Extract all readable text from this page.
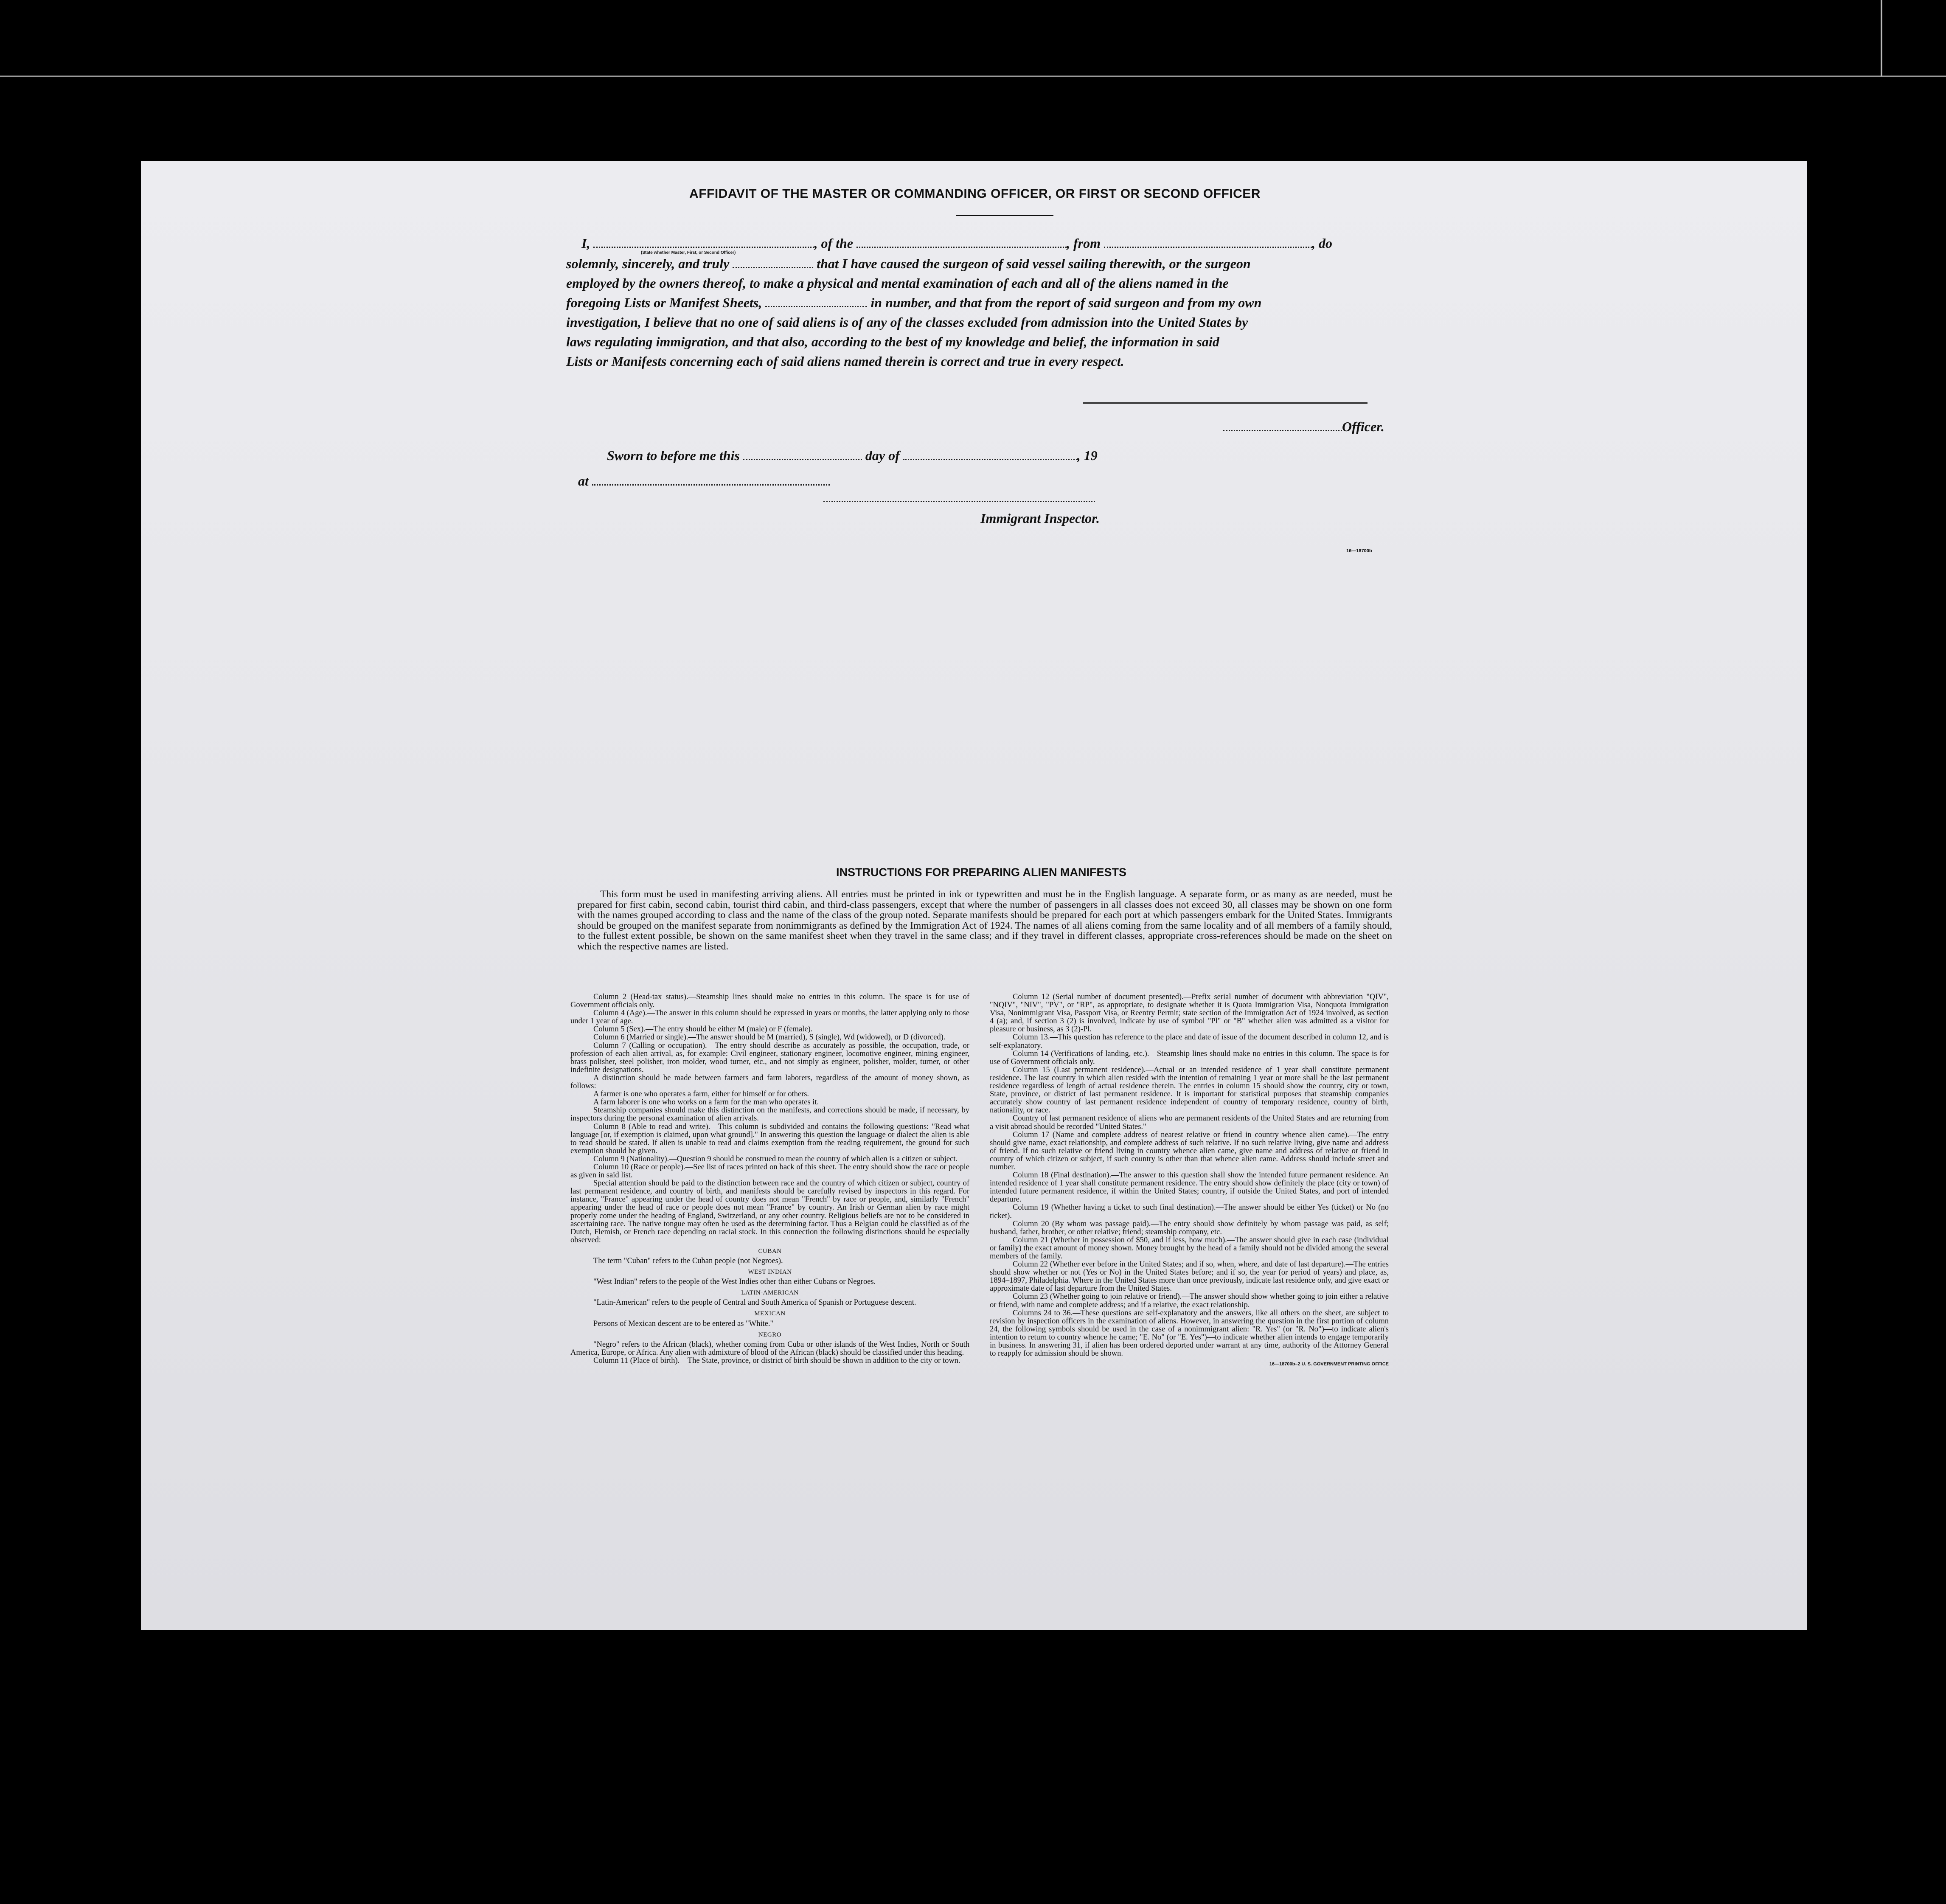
AFFIDAVIT OF THE MASTER OR COMMANDING OFFICER, OR FIRST OR SECOND OFFICER
I,	, of the	, from	, do
(State whether Master, First, or Second Officer)
solemnly, sincerely, and truly	that I have caused the surgeon of said vessel sailing therewith, or the surgeon
employed by the owners thereof, to make a physical and mental examination of each and all of the aliens named in the
foregoing Lists or Manifest Sheets,	in number, and that from the report of said surgeon and from my own
investigation, I believe that no one of said aliens is of any of the classes excluded from admission into the United States by
laws regulating immigration, and that also, according to the best of my knowledge and belief, the information in said
Lists or Manifests concerning each of said aliens named therein is correct and true in every respect.
Officer.
Sworn to before me this	day of	, 19
at
Immigrant Inspector.
16—18700b
INSTRUCTIONS FOR PREPARING ALIEN MANIFESTS
This form must be used in manifesting arriving aliens. All entries must be printed in ink or typewritten and must be in the English language. A separate form, or as many as are needed, must be prepared for first cabin, second cabin, tourist third cabin, and third-class passengers, except that where the number of passengers in all classes does not exceed 30, all classes may be shown on one form with the names grouped according to class and the name of the class of the group noted. Separate manifests should be prepared for each port at which passengers embark for the United States. Immigrants should be grouped on the manifest separate from nonimmigrants as defined by the Immigration Act of 1924. The names of all aliens coming from the same locality and of all members of a family should, to the fullest extent possible, be shown on the same manifest sheet when they travel in the same class; and if they travel in different classes, appropriate cross-references should be made on the sheet on which the respective names are listed.

Column 2 (Head-tax status).—Steamship lines should make no entries in this column. The space is for use of Government officials only.

Column 4 (Age).—The answer in this column should be expressed in years or months, the latter applying only to those under 1 year of age.

Column 5 (Sex).—The entry should be either M (male) or F (female).

Column 6 (Married or single).—The answer should be M (married), S (single), Wd (widowed), or D (divorced).

Column 7 (Calling or occupation).—The entry should describe as accurately as possible, the occupation, trade, or profession of each alien arrival, as, for example: Civil engineer, stationary engineer, locomotive engineer, mining engineer, brass polisher, steel polisher, iron molder, wood turner, etc., and not simply as engineer, polisher, molder, turner, or other indefinite designations.

A distinction should be made between farmers and farm laborers, regardless of the amount of money shown, as follows:

A farmer is one who operates a farm, either for himself or for others.

A farm laborer is one who works on a farm for the man who operates it.

Steamship companies should make this distinction on the manifests, and corrections should be made, if necessary, by inspectors during the personal examination of alien arrivals.

Column 8 (Able to read and write).—This column is subdivided and contains the following questions: "Read what language [or, if exemption is claimed, upon what ground]." In answering this question the language or dialect the alien is able to read should be stated. If alien is unable to read and claims exemption from the reading requirement, the ground for such exemption should be given.

Column 9 (Nationality).—Question 9 should be construed to mean the country of which alien is a citizen or subject.

Column 10 (Race or people).—See list of races printed on back of this sheet. The entry should show the race or people as given in said list.

Special attention should be paid to the distinction between race and the country of which citizen or subject, country of last permanent residence, and country of birth, and manifests should be carefully revised by inspectors in this regard. For instance, "France" appearing under the head of country does not mean "French" by race or people, and, similarly "French" appearing under the head of race or people does not mean "France" by country. An Irish or German alien by race might properly come under the heading of England, Switzerland, or any other country. Religious beliefs are not to be considered in ascertaining race. The native tongue may often be used as the determining factor. Thus a Belgian could be classified as of the Dutch, Flemish, or French race depending on racial stock. In this connection the following distinctions should be especially observed:

CUBAN

The term "Cuban" refers to the Cuban people (not Negroes).

WEST INDIAN

"West Indian" refers to the people of the West Indies other than either Cubans or Negroes.

LATIN-AMERICAN

"Latin-American" refers to the people of Central and South America of Spanish or Portuguese descent.

MEXICAN

Persons of Mexican descent are to be entered as "White."

NEGRO

"Negro" refers to the African (black), whether coming from Cuba or other islands of the West Indies, North or South America, Europe, or Africa. Any alien with admixture of blood of the African (black) should be classified under this heading.

Column 11 (Place of birth).—The State, province, or district of birth should be shown in addition to the city or town.

Column 12 (Serial number of document presented).—Prefix serial number of document with abbreviation "QIV", "NQIV", "NIV", "PV", or "RP", as appropriate, to designate whether it is Quota Immigration Visa, Nonquota Immigration Visa, Nonimmigrant Visa, Passport Visa, or Reentry Permit; state section of the Immigration Act of 1924 involved, as section 4 (a); and, if section 3 (2) is involved, indicate by use of symbol "Pl" or "B" whether alien was admitted as a visitor for pleasure or business, as 3 (2)-Pl.

Column 13.—This question has reference to the place and date of issue of the document described in column 12, and is self-explanatory.

Column 14 (Verifications of landing, etc.).—Steamship lines should make no entries in this column. The space is for use of Government officials only.

Column 15 (Last permanent residence).—Actual or an intended residence of 1 year shall constitute permanent residence. The last country in which alien resided with the intention of remaining 1 year or more shall be the last permanent residence regardless of length of actual residence therein. The entries in column 15 should show the country, city or town, State, province, or district of last permanent residence. It is important for statistical purposes that steamship companies accurately show country of last permanent residence independent of country of temporary residence, country of birth, nationality, or race.

Country of last permanent residence of aliens who are permanent residents of the United States and are returning from a visit abroad should be recorded "United States."

Column 17 (Name and complete address of nearest relative or friend in country whence alien came).—The entry should give name, exact relationship, and complete address of such relative. If no such relative living, give name and address of friend. If no such relative or friend living in country whence alien came, give name and address of relative or friend in country of which citizen or subject, if such country is other than that whence alien came. Address should include street and number.

Column 18 (Final destination).—The answer to this question shall show the intended future permanent residence. An intended residence of 1 year shall constitute permanent residence. The entry should show definitely the place (city or town) of intended future permanent residence, if within the United States; country, if outside the United States, and port of intended departure.

Column 19 (Whether having a ticket to such final destination).—The answer should be either Yes (ticket) or No (no ticket).

Column 20 (By whom was passage paid).—The entry should show definitely by whom passage was paid, as self; husband, father, brother, or other relative; friend; steamship company, etc.

Column 21 (Whether in possession of $50, and if less, how much).—The answer should give in each case (individual or family) the exact amount of money shown. Money brought by the head of a family should not be divided among the several members of the family.

Column 22 (Whether ever before in the United States; and if so, when, where, and date of last departure).—The entries should show whether or not (Yes or No) in the United States before; and if so, the year (or period of years) and place, as, 1894–1897, Philadelphia. Where in the United States more than once previously, indicate last residence only, and give exact or approximate date of last departure from the United States.

Column 23 (Whether going to join relative or friend).—The answer should show whether going to join either a relative or friend, with name and complete address; and if a relative, the exact relationship.

Columns 24 to 36.—These questions are self-explanatory and the answers, like all others on the sheet, are subject to revision by inspection officers in the examination of aliens. However, in answering the question in the first portion of column 24, the following symbols should be used in the case of a nonimmigrant alien: "R. Yes" (or "R. No")—to indicate alien's intention to return to country whence he came; "E. No" (or "E. Yes")—to indicate whether alien intends to engage temporarily in business. In answering 31, if alien has been ordered deported under warrant at any time, authority of the Attorney General to reapply for admission should be shown.

16—18700b–2 U. S. GOVERNMENT PRINTING OFFICE
